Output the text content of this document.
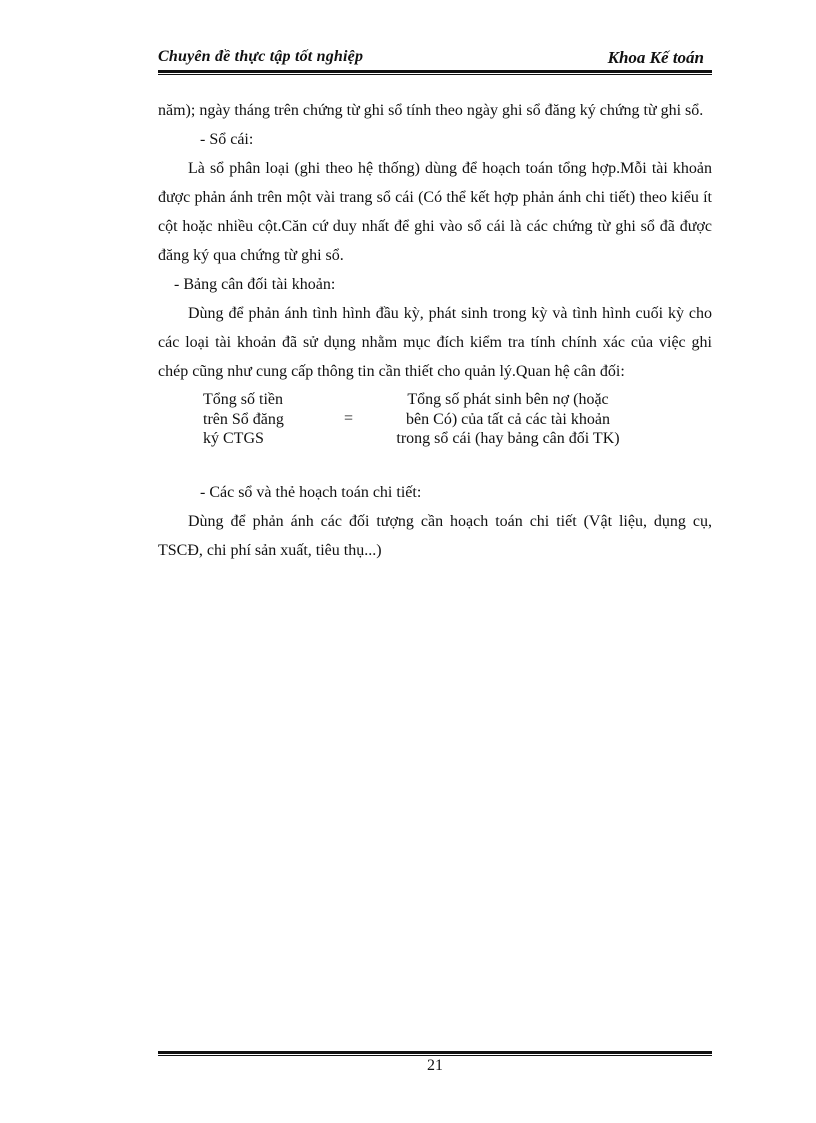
Chuyên đề thực tập tốt nghiệp	Khoa Kế toán

năm); ngày tháng trên chứng từ ghi sổ tính theo ngày ghi sổ đăng ký chứng từ ghi sổ.

- Sổ cái:

Là sổ phân loại (ghi theo hệ thống) dùng để hoạch toán tổng hợp.Mỗi tài khoản được phản ánh trên một vài trang sổ cái (Có thể kết hợp phản ánh chi tiết) theo kiểu ít cột hoặc nhiều cột.Căn cứ duy nhất để ghi vào sổ cái là các chứng từ ghi sổ đã được đăng ký qua chứng từ ghi sổ.

- Bảng cân đối tài khoản:

Dùng để phản ánh tình hình đầu kỳ, phát sinh trong kỳ và tình hình cuối kỳ cho các loại tài khoản đã sử dụng nhằm mục đích kiểm tra tính chính xác của việc ghi chép cũng như cung cấp thông tin cần thiết cho quản lý.Quan hệ cân đối:

Tổng số tiền
trên Sổ đăng
ký CTGS
=
Tổng số phát sinh bên nợ (hoặc
bên Có) của tất cả các tài khoản
trong sổ cái (hay bảng cân đối TK)

- Các sổ và thẻ hoạch toán chi tiết:

Dùng để phản ánh các đối tượng cần hoạch toán chi tiết (Vật liệu, dụng cụ, TSCĐ, chi phí sản xuất, tiêu thụ...)

21
